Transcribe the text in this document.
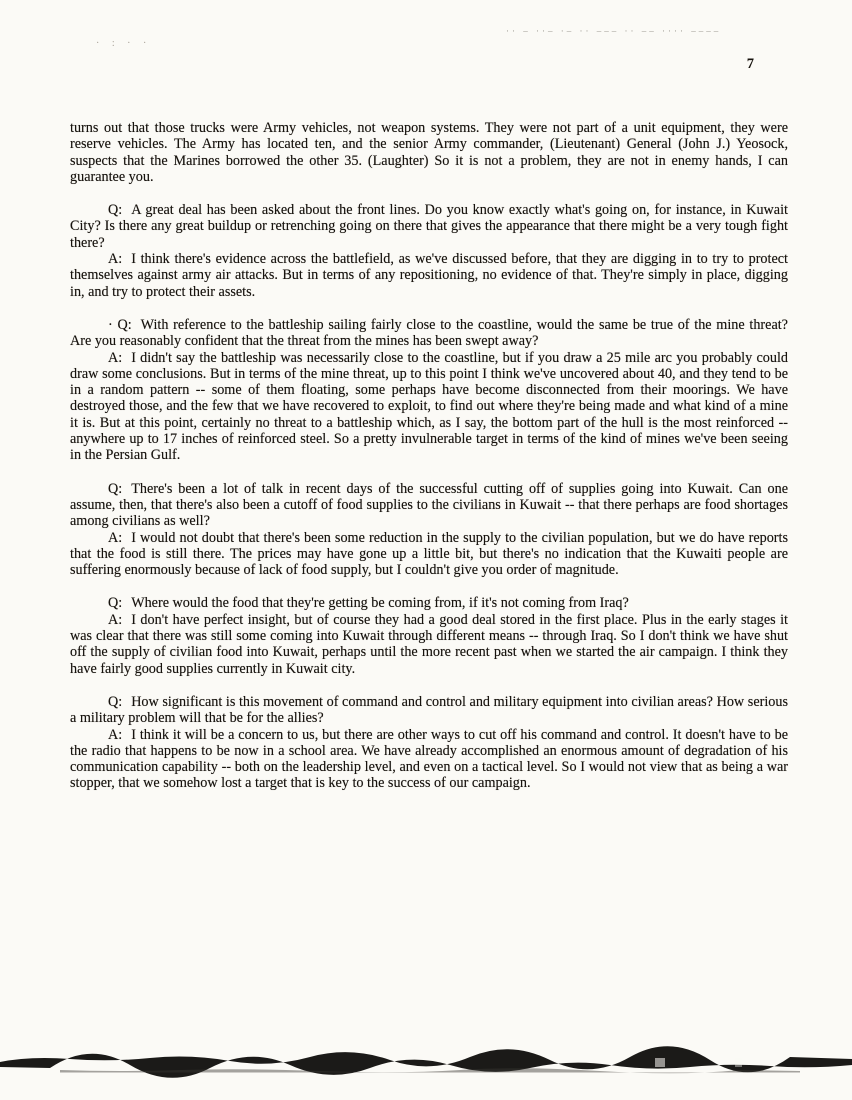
· : · ·
·· – ··– ·– ·· ––– ·· –– ···· ––––
7

turns out that those trucks were Army vehicles, not weapon systems. They were not part of a unit equipment, they were reserve vehicles. The Army has located ten, and the senior Army commander, (Lieutenant) General (John J.) Yeosock, suspects that the Marines borrowed the other 35. (Laughter) So it is not a problem, they are not in enemy hands, I can guarantee you.

Q: A great deal has been asked about the front lines. Do you know exactly what's going on, for instance, in Kuwait City? Is there any great buildup or retrenching going on there that gives the appearance that there might be a very tough fight there?

A: I think there's evidence across the battlefield, as we've discussed before, that they are digging in to try to protect themselves against army air attacks. But in terms of any repositioning, no evidence of that. They're simply in place, digging in, and try to protect their assets.

· Q: With reference to the battleship sailing fairly close to the coastline, would the same be true of the mine threat? Are you reasonably confident that the threat from the mines has been swept away?

A: I didn't say the battleship was necessarily close to the coastline, but if you draw a 25 mile arc you probably could draw some conclusions. But in terms of the mine threat, up to this point I think we've uncovered about 40, and they tend to be in a random pattern -- some of them floating, some perhaps have become disconnected from their moorings. We have destroyed those, and the few that we have recovered to exploit, to find out where they're being made and what kind of a mine it is. But at this point, certainly no threat to a battleship which, as I say, the bottom part of the hull is the most reinforced -- anywhere up to 17 inches of reinforced steel. So a pretty invulnerable target in terms of the kind of mines we've been seeing in the Persian Gulf.

Q: There's been a lot of talk in recent days of the successful cutting off of supplies going into Kuwait. Can one assume, then, that there's also been a cutoff of food supplies to the civilians in Kuwait -- that there perhaps are food shortages among civilians as well?

A: I would not doubt that there's been some reduction in the supply to the civilian population, but we do have reports that the food is still there. The prices may have gone up a little bit, but there's no indication that the Kuwaiti people are suffering enormously because of lack of food supply, but I couldn't give you order of magnitude.

Q: Where would the food that they're getting be coming from, if it's not coming from Iraq?

A: I don't have perfect insight, but of course they had a good deal stored in the first place. Plus in the early stages it was clear that there was still some coming into Kuwait through different means -- through Iraq. So I don't think we have shut off the supply of civilian food into Kuwait, perhaps until the more recent past when we started the air campaign. I think they have fairly good supplies currently in Kuwait city.

Q: How significant is this movement of command and control and military equipment into civilian areas? How serious a military problem will that be for the allies?

A: I think it will be a concern to us, but there are other ways to cut off his command and control. It doesn't have to be the radio that happens to be now in a school area. We have already accomplished an enormous amount of degradation of his communication capability -- both on the leadership level, and even on a tactical level. So I would not view that as being a war stopper, that we somehow lost a target that is key to the success of our campaign.
